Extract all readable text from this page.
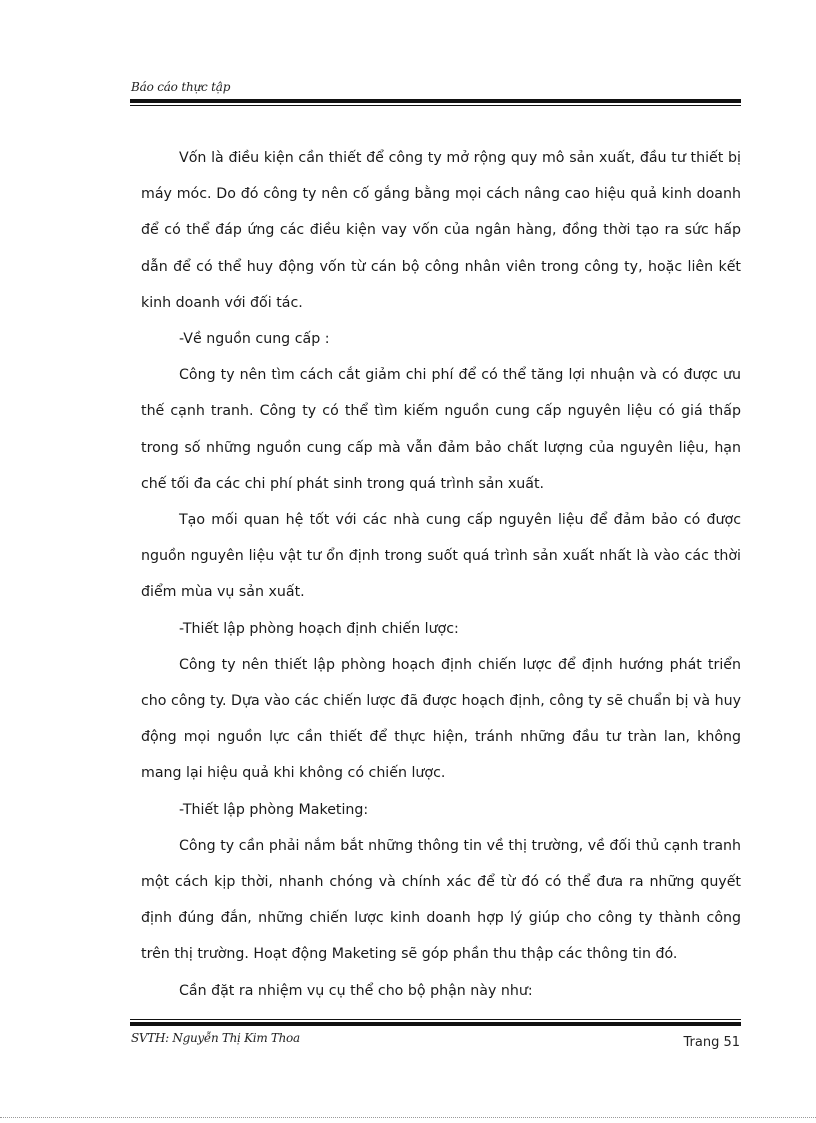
Báo cáo thực tập

Vốn là điều kiện cần thiết để công ty mở rộng quy mô sản xuất, đầu tư thiết bị máy móc. Do đó công ty nên cố gắng bằng mọi cách nâng cao hiệu quả kinh doanh để có thể đáp ứng các điều kiện vay vốn của ngân hàng, đồng thời tạo ra sức hấp dẫn để có thể huy động vốn từ cán bộ công nhân viên trong công ty, hoặc liên kết kinh doanh với đối tác.

-Về nguồn cung cấp :

Công ty nên tìm cách cắt giảm chi phí để có thể tăng lợi nhuận và có được ưu thế cạnh tranh. Công ty có thể tìm kiếm nguồn cung cấp nguyên liệu có giá thấp trong số những nguồn cung cấp mà vẫn đảm bảo chất lượng của nguyên liệu, hạn chế tối đa các chi phí phát sinh trong quá trình sản xuất.

Tạo mối quan hệ tốt với các nhà cung cấp nguyên liệu để đảm bảo có được nguồn nguyên liệu vật tư ổn định trong suốt quá trình sản xuất nhất là vào các thời điểm mùa vụ sản xuất.

-Thiết lập phòng hoạch định chiến lược:

Công ty nên thiết lập phòng hoạch định chiến lược để định hướng phát triển cho công ty. Dựa vào các chiến lược đã được hoạch định, công ty sẽ chuẩn bị và huy động mọi nguồn lực cần thiết để thực hiện, tránh những đầu tư tràn lan, không mang lại hiệu quả khi không có chiến lược.

-Thiết lập phòng Maketing:

Công ty cần phải nắm bắt những thông tin về thị trường, về đối thủ cạnh tranh một cách kịp thời, nhanh chóng và chính xác để từ đó có thể đưa ra những quyết định đúng đắn, những chiến lược kinh doanh hợp lý giúp cho công ty thành công trên thị trường. Hoạt động Maketing sẽ góp phần thu thập các thông tin đó.

Cần đặt ra nhiệm vụ cụ thể cho bộ phận này như:

SVTH: Nguyễn Thị Kim Thoa	Trang 51
